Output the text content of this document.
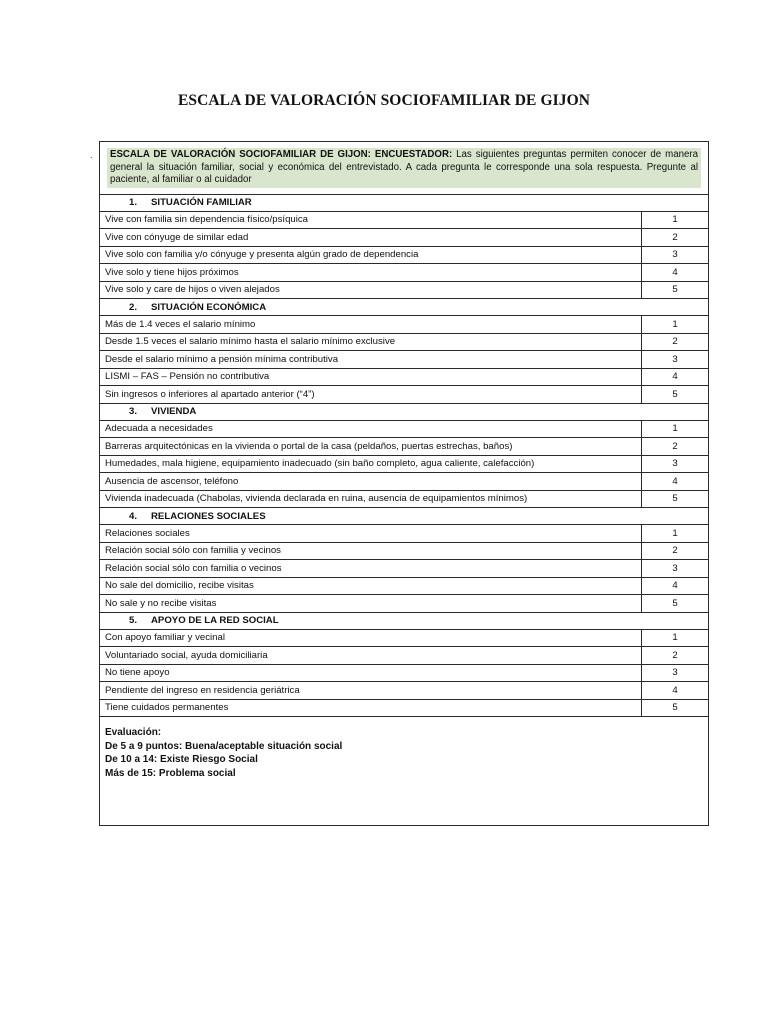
ESCALA DE VALORACIÓN SOCIOFAMILIAR DE GIJON
.	ESCALA DE VALORACIÓN SOCIOFAMILIAR DE GIJON: ENCUESTADOR: Las siguientes preguntas permiten conocer de manera general la situación familiar, social y económica del entrevistado. A cada pregunta le corresponde una sola respuesta. Pregunte al paciente, al familiar o al cuidador	

1. SITUACIÓN FAMILIAR	
Vive con familia sin dependencia físico/psíquica	1
Vive con cónyuge de similar edad	2
Vive solo con familia y/o cónyuge y presenta algún grado de dependencia	3
Vive solo y tiene hijos próximos	4
Vive solo y care de hijos o viven alejados	5
2. SITUACIÓN ECONÓMICA	
Más de 1.4 veces el salario mínimo	1
Desde 1.5 veces el salario mínimo hasta el salario mínimo exclusive	2
Desde el salario mínimo a pensión mínima contributiva	3
LISMI – FAS – Pensión no contributiva	4
Sin ingresos o inferiores al apartado anterior (“4”)	5
3. VIVIENDA	
Adecuada a necesidades	1
Barreras arquitectónicas en la vivienda o portal de la casa (peldaños, puertas estrechas, baños)	2
Humedades, mala higiene, equipamiento inadecuado (sin baño completo, agua caliente, calefacción)	3
Ausencia de ascensor, teléfono	4
Vivienda inadecuada (Chabolas, vivienda declarada en ruina, ausencia de equipamientos mínimos)	5
4. RELACIONES SOCIALES	
Relaciones sociales	1
Relación social sólo con familia y vecinos	2
Relación social sólo con familia o vecinos	3
No sale del domicilio, recibe visitas	4
No sale y no recibe visitas	5
5. APOYO DE LA RED SOCIAL	
Con apoyo familiar y vecinal	1
Voluntariado social, ayuda domiciliaria	2
No tiene apoyo	3
Pendiente del ingreso en residencia geriátrica	4
Tiene cuidados permanentes	5

Evaluación:
De 5 a 9 puntos: Buena/aceptable situación social
De 10 a 14: Existe Riesgo Social
Más de 15: Problema social	
